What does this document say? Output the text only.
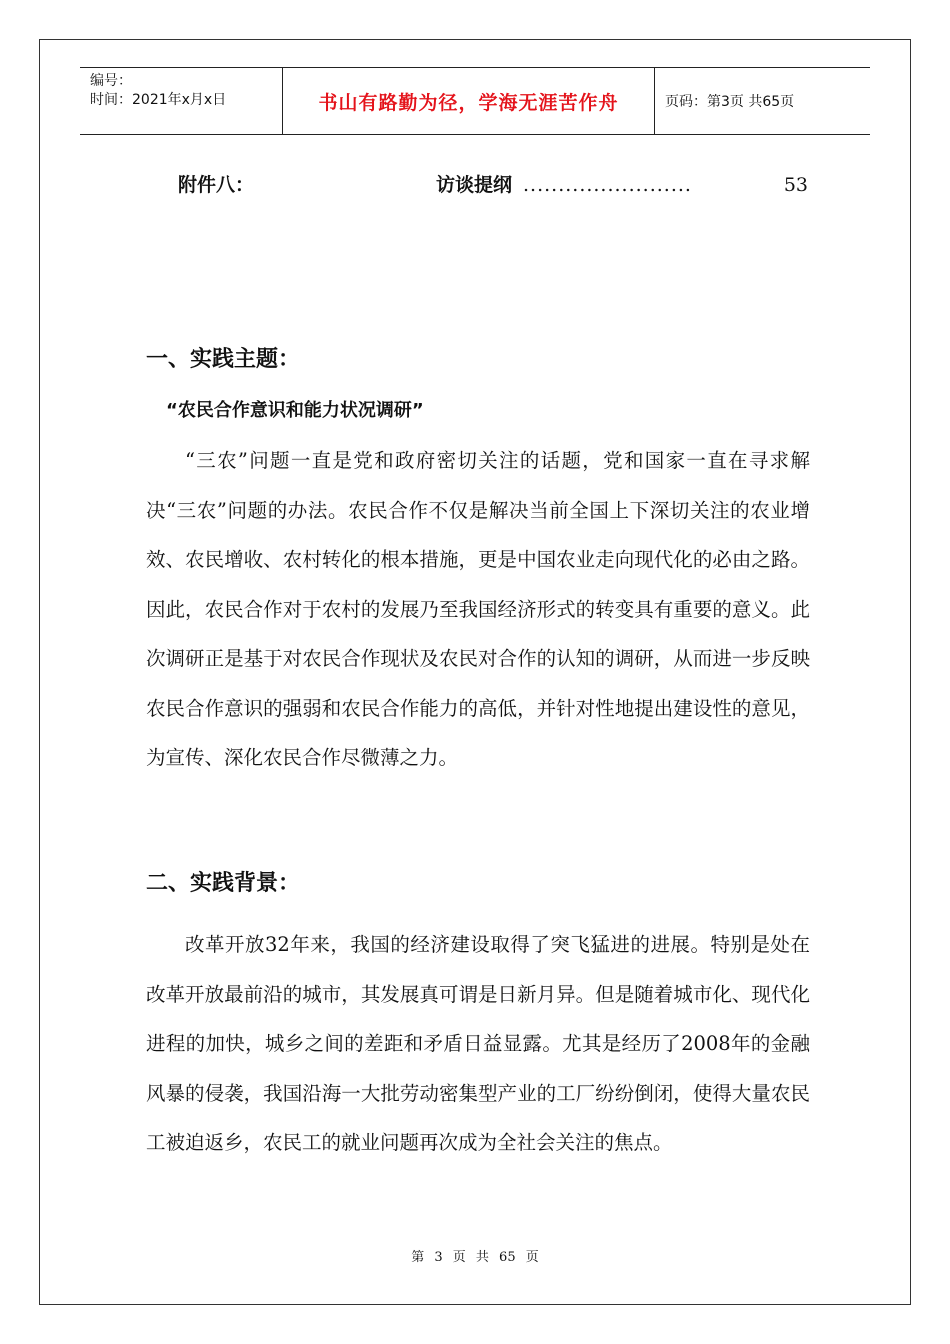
编号：
时间：2021年x月x日	书山有路勤为径，学海无涯苦作舟	页码：第3页 共65页
附件八：	访谈提纲 ........................	53
一、实践主题：
“农民合作意识和能力状况调研”

“三农”问题一直是党和政府密切关注的话题，党和国家一直在寻求解决“三农”问题的办法。农民合作不仅是解决当前全国上下深切关注的农业增效、农民增收、农村转化的根本措施，更是中国农业走向现代化的必由之路。因此，农民合作对于农村的发展乃至我国经济形式的转变具有重要的意义。此次调研正是基于对农民合作现状及农民对合作的认知的调研，从而进一步反映农民合作意识的强弱和农民合作能力的高低，并针对性地提出建设性的意见，为宣传、深化农民合作尽微薄之力。

二、实践背景：

改革开放32年来，我国的经济建设取得了突飞猛进的进展。特别是处在改革开放最前沿的城市，其发展真可谓是日新月异。但是随着城市化、现代化进程的加快，城乡之间的差距和矛盾日益显露。尤其是经历了2008年的金融风暴的侵袭，我国沿海一大批劳动密集型产业的工厂纷纷倒闭，使得大量农民工被迫返乡，农民工的就业问题再次成为全社会关注的焦点。

第 3 页 共 65 页
